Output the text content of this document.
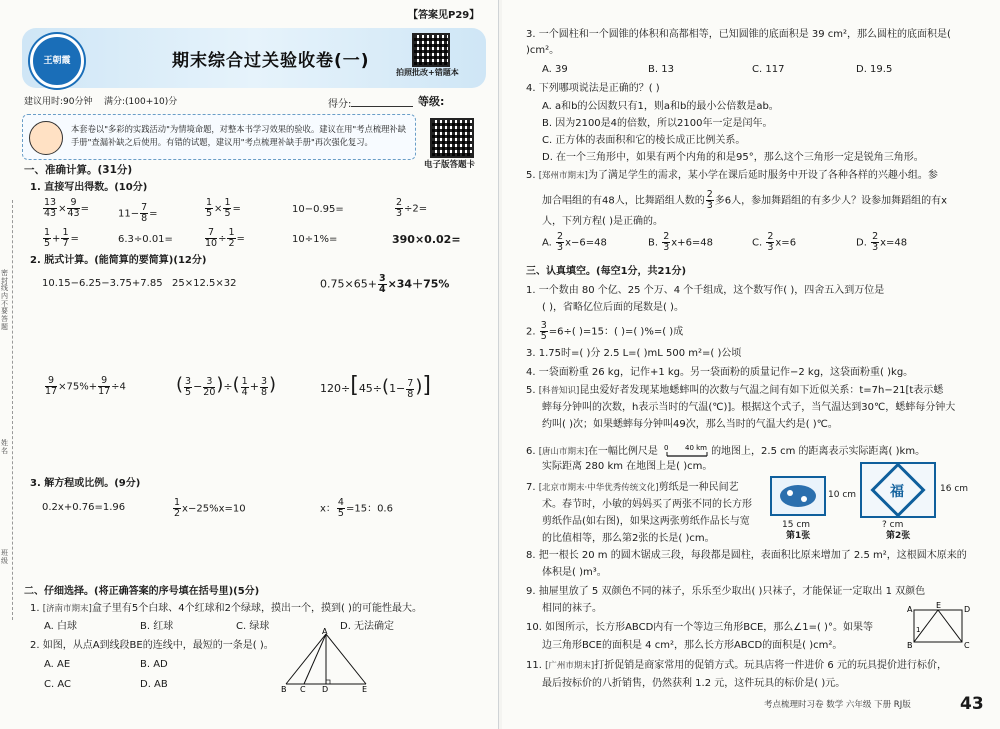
【答案见P29】
期末综合过关验收卷(一)
王朝霞
拍照批改+错题本
建议用时:90分钟 满分:(100+10)分	得分:	等级:
本套卷以"多彩的实践活动"为情境命题，对整本书学习效果的验收。建议在用"考点梳理补缺手册"查漏补缺之后使用。有错的试题，建议用"考点梳理补缺手册"再次强化复习。
电子版答题卡
密封线内不要答题
姓名
班级
一、准确计算。(31分)
1. 直接写出得数。(10分)
$\frac{13}{43} \times \frac{9}{43}$ =	$11- \frac{7}{8}$ =	$\frac{1}{5} \times \frac{1}{5}$ =	10−0.95=	$\frac{2}{3} \div 2=$
$\frac{1}{5} + \frac{1}{7}$ =	6.3÷0.01=	$\frac{7}{10} \div \frac{1}{2}$ =	10÷1%=	390×0.02=
2. 脱式计算。(能简算的要简算)(12分)
10.15−6.25−3.75+7.85 25×12.5×32	$0.75\times 65+ \frac{3}{4} \times 34+75\%$
$\frac{9}{17} \times 75\%+ \frac{9}{17} \div 4$	( $\frac{3}{5} - \frac{3}{20}$ )÷( $\frac{1}{4} + \frac{3}{8}$ )	$120\div[45\div(1- \frac{7}{8}$ )]
3. 解方程或比例。(9分)
0.2x+0.76=1.96	$\frac{1}{2} x-25\%x=10$	x： $\frac{4}{5} =15$：0.6
二、仔细选择。(将正确答案的序号填在括号里)(5分)
1. [济南市期末]盒子里有5个白球、4个红球和2个绿球，摸出一个，摸到( )的可能性最大。
A. 白球	B. 红球	C. 绿球	D. 无法确定
2. 如图，从点A到线段BE的连线中，最短的一条是( )。
A. AE	B. AD
C. AC	D. AB
A
B C D	E
3. 一个圆柱和一个圆锥的体积和高都相等，已知圆锥的底面积是 39 cm²，那么圆柱的底面积是( )cm²。
A. 39	B. 13	C. 117	D. 19.5
4. 下列哪项说法是正确的？( )
A. a和b的公因数只有1，则a和b的最小公倍数是ab。
B. 因为2100是4的倍数，所以2100年一定是闰年。
C. 正方体的表面积和它的棱长成正比例关系。
D. 在一个三角形中，如果有两个内角的和是95°，那么这个三角形一定是锐角三角形。
5. [郑州市期末]为了满足学生的需求，某小学在课后延时服务中开设了各种各样的兴趣小组。参
加合唱组的有48人，比舞蹈组人数的 $\frac{2}{3}$ 多6人，参加舞蹈组的有多少人？设参加舞蹈组的有x
人，下列方程( )是正确的。
A. $\frac{2}{3} x-6=48$	B. $\frac{2}{3} x+6=48$	C. $\frac{2}{3} x=6$	D. $\frac{2}{3} x=48$
三、认真填空。(每空1分，共21分)
1. 一个数由 80 个亿、25 个万、4 个千组成，这个数写作( )，四舍五入到万位是
( )，省略亿位后面的尾数是( )。
2. $\frac{3}{5} =6\div$( )=15：( )=( )%=( )成
3. 1.75时=( )分 2.5 L=( )mL 500 m²=( )公顷
4. 一袋面粉重 26 kg，记作+1 kg。另一袋面粉的质量记作−2 kg，这袋面粉重( )kg。
5. [科普知识]昆虫爱好者发现某地蟋蟀叫的次数与气温之间有如下近似关系：t=7h−21[t表示蟋
蟀每分钟叫的次数，h表示当时的气温(℃)]。根据这个式子，当气温达到30℃，蟋蟀每分钟大
约叫( )次；如果蟋蟀每分钟叫49次，那么当时的气温大约是( )℃。
6. [唐山市期末]在一幅比例尺是 0 40 km 的地图上，2.5 cm 的距离表示实际距离( )km。
实际距离 280 km 在地图上是( )cm。
7. [北京市期末·中华优秀传统文化]剪纸是一种民间艺
术。春节时，小敏的妈妈买了两张不同的长方形
剪纸作品(如右图)，如果这两张剪纸作品长与宽
的比值相等，那么第2张的长是( )cm。
10 cm
15 cm
第1张
福	16 cm
? cm
第2张
8. 把一根长 20 m 的圆木锯成三段，每段都是圆柱，表面积比原来增加了 2.5 m²，这根圆木原来的
体积是( )m³。
9. 抽屉里放了 5 双颜色不同的袜子，乐乐至少取出( )只袜子，才能保证一定取出 1 双颜色
相同的袜子。
10. 如图所示，长方形ABCD内有一个等边三角形BCE，那么∠1=( )°。如果等
边三角形BCE的面积是 4 cm²，那么长方形ABCD的面积是( )cm²。
A	E	D
B	C
1
11. [广州市期末]打折促销是商家常用的促销方式。玩具店将一件进价 6 元的玩具提价进行标价，
最后按标价的八折销售，仍然获利 1.2 元，这件玩具的标价是( )元。
考点梳理时习卷 数学 六年级 下册 RJ版	43
